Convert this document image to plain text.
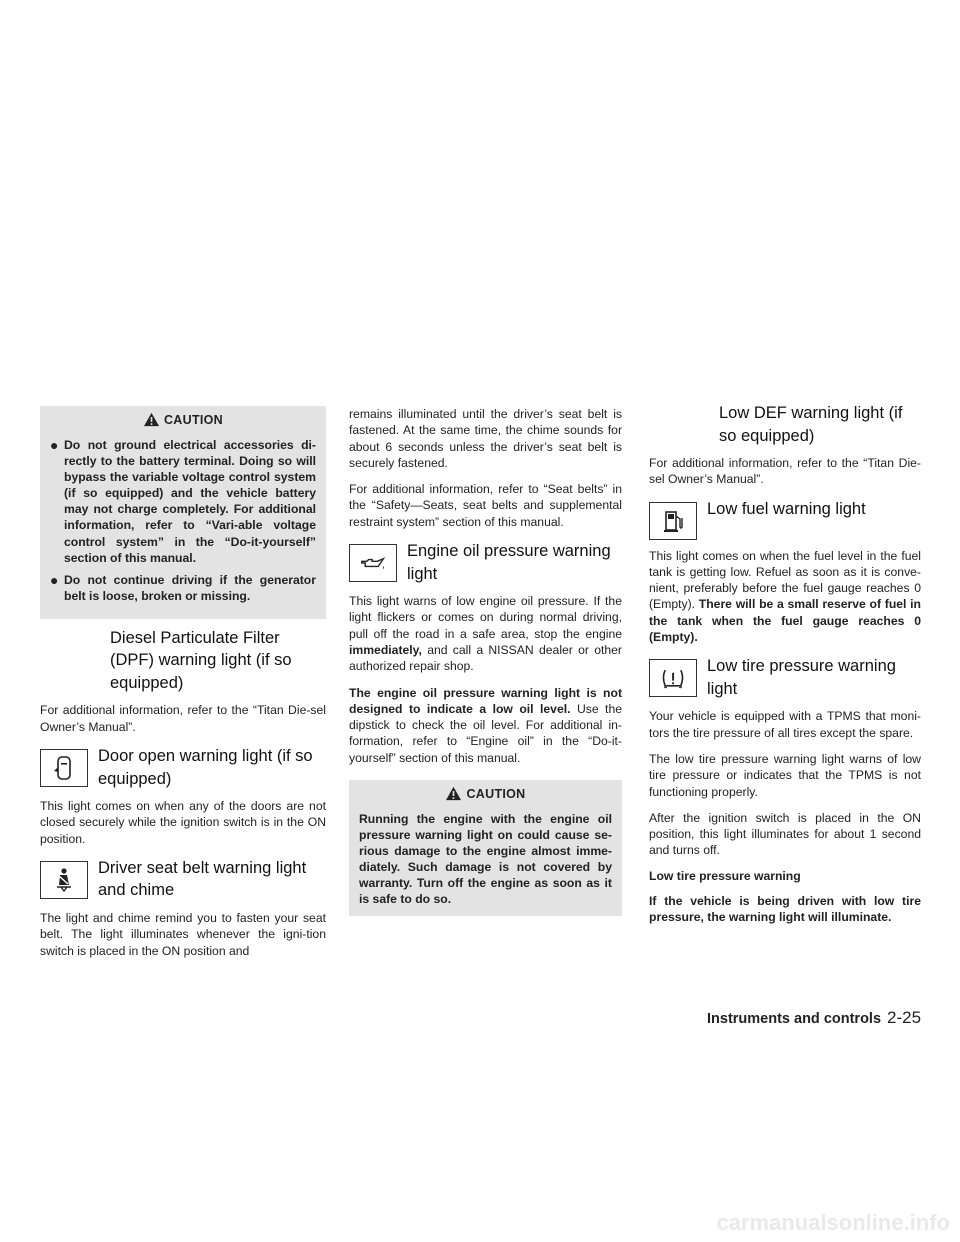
CAUTION
● Do not ground electrical accessories di-rectly to the battery terminal. Doing so will bypass the variable voltage control system (if so equipped) and the vehicle battery may not charge completely. For additional information, refer to “Vari-able voltage control system” in the “Do-it-yourself” section of this manual.
● Do not continue driving if the generator belt is loose, broken or missing.
Diesel Particulate Filter (DPF) warning light (if so equipped)

For additional information, refer to the “Titan Die-sel Owner’s Manual”.

Door open warning light (if so equipped)

This light comes on when any of the doors are not closed securely while the ignition switch is in the ON position.

Driver seat belt warning light and chime

The light and chime remind you to fasten your seat belt. The light illuminates whenever the igni-tion switch is placed in the ON position and

remains illuminated until the driver’s seat belt is fastened. At the same time, the chime sounds for about 6 seconds unless the driver’s seat belt is securely fastened.

For additional information, refer to “Seat belts” in the “Safety—Seats, seat belts and supplemental restraint system” section of this manual.

Engine oil pressure warning light

This light warns of low engine oil pressure. If the light flickers or comes on during normal driving, pull off the road in a safe area, stop the engine immediately, and call a NISSAN dealer or other authorized repair shop.

The engine oil pressure warning light is not designed to indicate a low oil level. Use the dipstick to check the oil level. For additional in-formation, refer to “Engine oil” in the “Do-it-yourself” section of this manual.

CAUTION
Running the engine with the engine oil pressure warning light on could cause se-rious damage to the engine almost imme-diately. Such damage is not covered by warranty. Turn off the engine as soon as it is safe to do so.
Low DEF warning light (if so equipped)

For additional information, refer to the “Titan Die-sel Owner’s Manual”.

Low fuel warning light

This light comes on when the fuel level in the fuel tank is getting low. Refuel as soon as it is conve-nient, preferably before the fuel gauge reaches 0 (Empty). There will be a small reserve of fuel in the tank when the fuel gauge reaches 0 (Empty).

Low tire pressure warning light

Your vehicle is equipped with a TPMS that moni-tors the tire pressure of all tires except the spare.

The low tire pressure warning light warns of low tire pressure or indicates that the TPMS is not functioning properly.

After the ignition switch is placed in the ON position, this light illuminates for about 1 second and turns off.

Low tire pressure warning

If the vehicle is being driven with low tire pressure, the warning light will illuminate.

Instruments and controls 2-25
carmanualsonline.info
